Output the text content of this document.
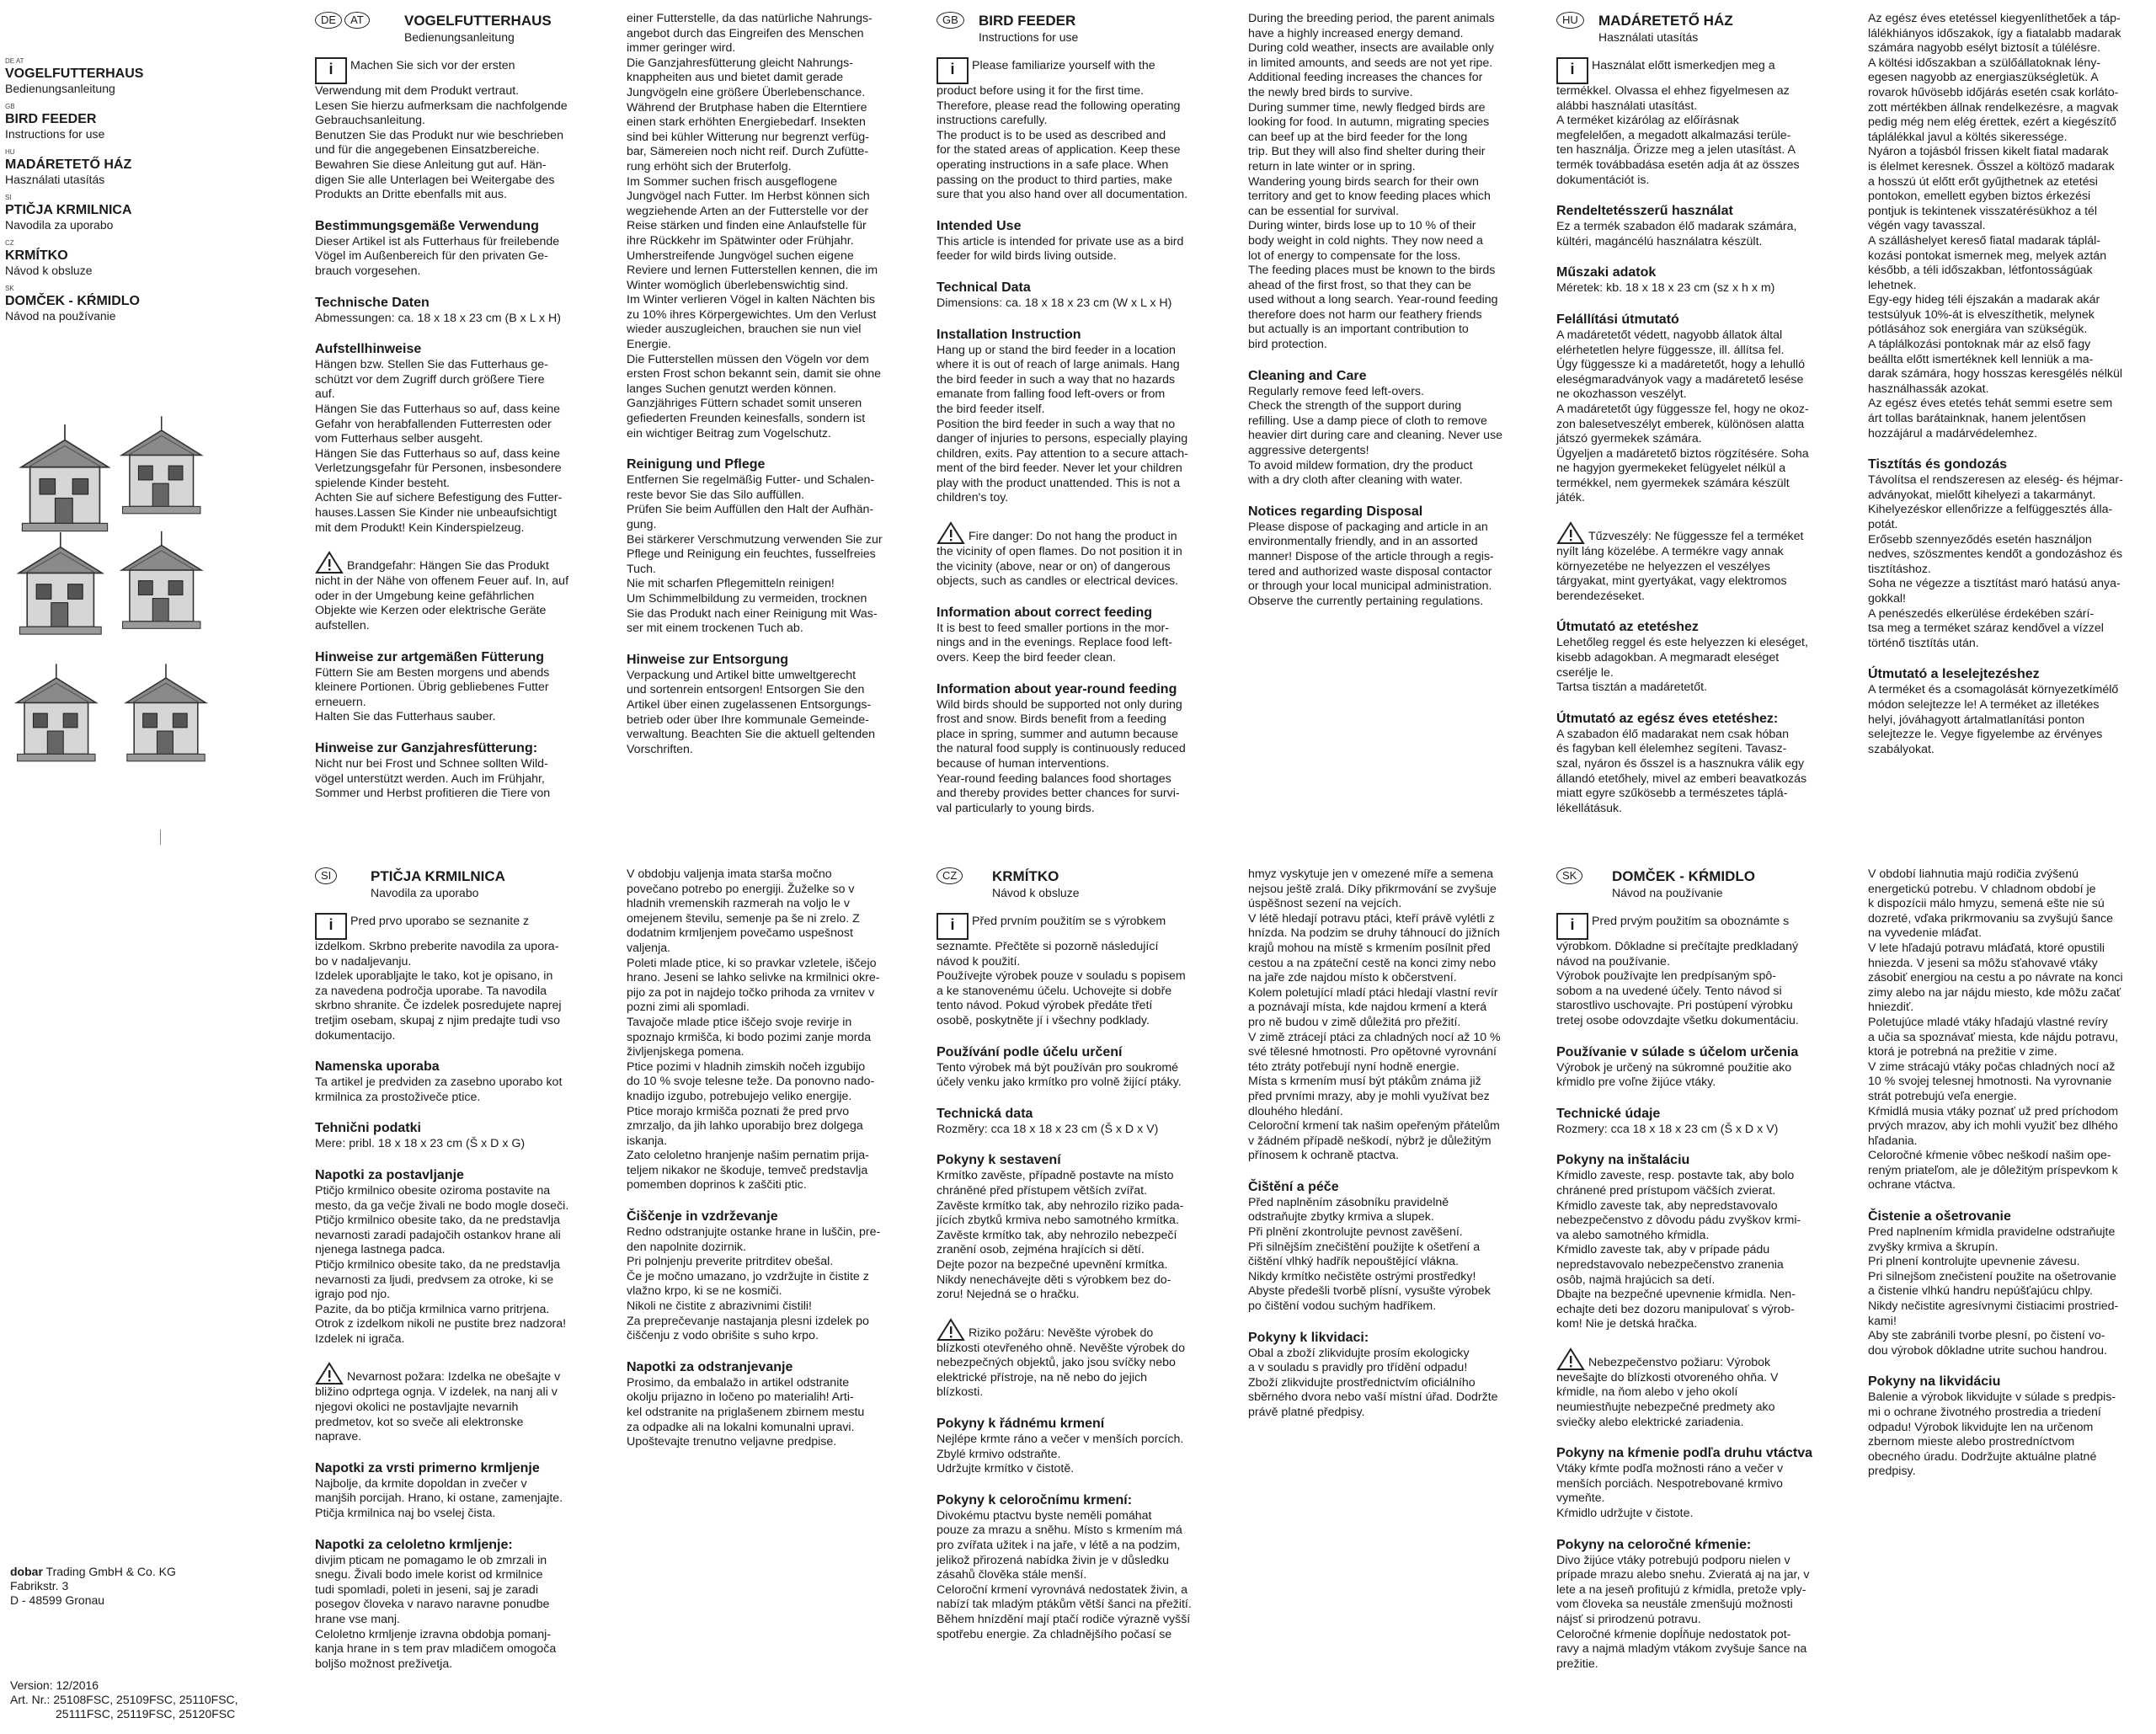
DE AT
VOGELFUTTERHAUS
Bedienungsanleitung
GB
BIRD FEEDER
Instructions for use
HU
MADÁRETETŐ HÁZ
Használati utasítás
SI
PTIČJA KRMILNICA
Navodila za uporabo
CZ
KRMÍTKO
Návod k obsluze
SK
DOMČEK - KŔMIDLO
Návod na používanie
dobar Trading GmbH & Co. KG
Fabrikstr. 3
D - 48599 Gronau
Version: 12/2016
Art. Nr.: 25108FSC, 25109FSC, 25110FSC,
25111FSC, 25119FSC, 25120FSC
DE AT	VOGELFUTTERHAUS
Bedienungsanleitung
i Machen Sie sich vor der ersten
Verwendung mit dem Produkt vertraut.
Lesen Sie hierzu aufmerksam die nachfolgende
Gebrauchsanleitung.
Benutzen Sie das Produkt nur wie beschrieben
und für die angegebenen Einsatzbereiche.
Bewahren Sie diese Anleitung gut auf. Hän-
digen Sie alle Unterlagen bei Weitergabe des
Produkts an Dritte ebenfalls mit aus.

Bestimmungsgemäße Verwendung

Dieser Artikel ist als Futterhaus für freilebende
Vögel im Außenbereich für den privaten Ge-
brauch vorgesehen.

Technische Daten

Abmessungen: ca. 18 x 18 x 23 cm (B x L x H)

Aufstellhinweise

Hängen bzw. Stellen Sie das Futterhaus ge-
schützt vor dem Zugriff durch größere Tiere
auf.
Hängen Sie das Futterhaus so auf, dass keine
Gefahr von herabfallenden Futterresten oder
vom Futterhaus selber ausgeht.
Hängen Sie das Futterhaus so auf, dass keine
Verletzungsgefahr für Personen, insbesondere
spielende Kinder besteht.
Achten Sie auf sichere Befestigung des Futter-
hauses.Lassen Sie Kinder nie unbeaufsichtigt
mit dem Produkt! Kein Kinderspielzeug.

Brandgefahr: Hängen Sie das Produkt
nicht in der Nähe von offenem Feuer auf. In, auf
oder in der Umgebung keine gefährlichen
Objekte wie Kerzen oder elektrische Geräte
aufstellen.

Hinweise zur artgemäßen Fütterung

Füttern Sie am Besten morgens und abends
kleinere Portionen. Übrig gebliebenes Futter
erneuern.
Halten Sie das Futterhaus sauber.

Hinweise zur Ganzjahresfütterung:

Nicht nur bei Frost und Schnee sollten Wild-
vögel unterstützt werden. Auch im Frühjahr,
Sommer und Herbst profitieren die Tiere von

einer Futterstelle, da das natürliche Nahrungs-
angebot durch das Eingreifen des Menschen
immer geringer wird.
Die Ganzjahresfütterung gleicht Nahrungs-
knappheiten aus und bietet damit gerade
Jungvögeln eine größere Überlebenschance.
Während der Brutphase haben die Elterntiere
einen stark erhöhten Energiebedarf. Insekten
sind bei kühler Witterung nur begrenzt verfüg-
bar, Sämereien noch nicht reif. Durch Zufütte-
rung erhöht sich der Bruterfolg.
Im Sommer suchen frisch ausgeflogene
Jungvögel nach Futter. Im Herbst können sich
wegziehende Arten an der Futterstelle vor der
Reise stärken und finden eine Anlaufstelle für
ihre Rückkehr im Spätwinter oder Frühjahr.
Umherstreifende Jungvögel suchen eigene
Reviere und lernen Futterstellen kennen, die im
Winter womöglich überlebenswichtig sind.
Im Winter verlieren Vögel in kalten Nächten bis
zu 10% ihres Körpergewichtes. Um den Verlust
wieder auszugleichen, brauchen sie nun viel
Energie.
Die Futterstellen müssen den Vögeln vor dem
ersten Frost schon bekannt sein, damit sie ohne
langes Suchen genutzt werden können.
Ganzjähriges Füttern schadet somit unseren
gefiederten Freunden keinesfalls, sondern ist
ein wichtiger Beitrag zum Vogelschutz.

Reinigung und Pflege

Entfernen Sie regelmäßig Futter- und Schalen-
reste bevor Sie das Silo auffüllen.
Prüfen Sie beim Auffüllen den Halt der Aufhän-
gung.
Bei stärkerer Verschmutzung verwenden Sie zur
Pflege und Reinigung ein feuchtes, fusselfreies
Tuch.
Nie mit scharfen Pflegemitteln reinigen!
Um Schimmelbildung zu vermeiden, trocknen
Sie das Produkt nach einer Reinigung mit Was-
ser mit einem trockenen Tuch ab.

Hinweise zur Entsorgung

Verpackung und Artikel bitte umweltgerecht
und sortenrein entsorgen! Entsorgen Sie den
Artikel über einen zugelassenen Entsorgungs-
betrieb oder über Ihre kommunale Gemeinde-
verwaltung. Beachten Sie die aktuell geltenden
Vorschriften.

GB BIRD FEEDER
Instructions for use
i Please familiarize yourself with the
product before using it for the first time.
Therefore, please read the following operating
instructions carefully.
The product is to be used as described and
for the stated areas of application. Keep these
operating instructions in a safe place. When
passing on the product to third parties, make
sure that you also hand over all documentation.

Intended Use

This article is intended for private use as a bird
feeder for wild birds living outside.

Technical Data

Dimensions: ca. 18 x 18 x 23 cm (W x L x H)

Installation Instruction

Hang up or stand the bird feeder in a location
where it is out of reach of large animals. Hang
the bird feeder in such a way that no hazards
emanate from falling food left-overs or from
the bird feeder itself.
Position the bird feeder in such a way that no
danger of injuries to persons, especially playing
children, exits. Pay attention to a secure attach-
ment of the bird feeder. Never let your children
play with the product unattended. This is not a
children's toy.

Fire danger: Do not hang the product in
the vicinity of open flames. Do not position it in
the vicinity (above, near or on) of dangerous
objects, such as candles or electrical devices.

Information about correct feeding

It is best to feed smaller portions in the mor-
nings and in the evenings. Replace food left-
overs. Keep the bird feeder clean.

Information about year-round feeding

Wild birds should be supported not only during
frost and snow. Birds benefit from a feeding
place in spring, summer and autumn because
the natural food supply is continuously reduced
because of human interventions.
Year-round feeding balances food shortages
and thereby provides better chances for survi-
val particularly to young birds.

During the breeding period, the parent animals
have a highly increased energy demand.
During cold weather, insects are available only
in limited amounts, and seeds are not yet ripe.
Additional feeding increases the chances for
the newly bred birds to survive.
During summer time, newly fledged birds are
looking for food. In autumn, migrating species
can beef up at the bird feeder for the long
trip. But they will also find shelter during their
return in late winter or in spring.
Wandering young birds search for their own
territory and get to know feeding places which
can be essential for survival.
During winter, birds lose up to 10 % of their
body weight in cold nights. They now need a
lot of energy to compensate for the loss.
The feeding places must be known to the birds
ahead of the first frost, so that they can be
used without a long search. Year-round feeding
therefore does not harm our feathery friends
but actually is an important contribution to
bird protection.

Cleaning and Care

Regularly remove feed left-overs.
Check the strength of the support during
refilling. Use a damp piece of cloth to remove
heavier dirt during care and cleaning. Never use
aggressive detergents!
To avoid mildew formation, dry the product
with a dry cloth after cleaning with water.

Notices regarding Disposal

Please dispose of packaging and article in an
environmentally friendly, and in an assorted
manner! Dispose of the article through a regis-
tered and authorized waste disposal contactor
or through your local municipal administration.
Observe the currently pertaining regulations.

HU MADÁRETETŐ HÁZ
Használati utasítás
i Használat előtt ismerkedjen meg a
termékkel. Olvassa el ehhez figyelmesen az
alábbi használati utasítást.
A terméket kizárólag az előírásnak
megfelelően, a megadott alkalmazási terüle-
ten használja. Őrizze meg a jelen utasítást. A
termék továbbadása esetén adja át az összes
dokumentációt is.

Rendeltetésszerű használat

Ez a termék szabadon élő madarak számára,
kültéri, magáncélú használatra készült.

Műszaki adatok

Méretek: kb. 18 x 18 x 23 cm (sz x h x m)

Felállítási útmutató

A madáretetőt védett, nagyobb állatok által
elérhetetlen helyre függessze, ill. állítsa fel.
Úgy függessze ki a madáretetőt, hogy a lehulló
eleségmaradványok vagy a madáretető lesése
ne okozhasson veszélyt.
A madáretetőt úgy függessze fel, hogy ne okoz-
zon balesetveszélyt emberek, különösen alatta
játszó gyermekek számára.
Ügyeljen a madáretető biztos rögzítésére. Soha
ne hagyjon gyermekeket felügyelet nélkül a
termékkel, nem gyermekek számára készült
játék.

Tűzveszély: Ne függessze fel a terméket
nyílt láng közelébe. A termékre vagy annak
környezetébe ne helyezzen el veszélyes
tárgyakat, mint gyertyákat, vagy elektromos
berendezéseket.

Útmutató az etetéshez

Lehetőleg reggel és este helyezzen ki eleséget,
kisebb adagokban. A megmaradt eleséget
cserélje le.
Tartsa tisztán a madáretetőt.

Útmutató az egész éves etetéshez:

A szabadon élő madarakat nem csak hóban
és fagyban kell élelemhez segíteni. Tavasz-
szal, nyáron és ősszel is a hasznukra válik egy
állandó etetőhely, mivel az emberi beavatkozás
miatt egyre szűkösebb a természetes táplá-
lékellátásuk.

Az egész éves etetéssel kiegyenlíthetőek a táp-
lálékhiányos időszakok, így a fiatalabb madarak
számára nagyobb esélyt biztosít a túlélésre.
A költési időszakban a szülőállatoknak lény-
egesen nagyobb az energiaszükségletük. A
rovarok hűvösebb időjárás esetén csak korláto-
zott mértékben állnak rendelkezésre, a magvak
pedig még nem elég érettek, ezért a kiegészítő
táplálékkal javul a költés sikeressége.
Nyáron a tojásból frissen kikelt fiatal madarak
is élelmet keresnek. Ősszel a költöző madarak
a hosszú út előtt erőt gyűjthetnek az etetési
pontokon, emellett egyben biztos érkezési
pontjuk is tekintenek visszatérésükhoz a tél
végén vagy tavasszal.
A szálláshelyet kereső fiatal madarak táplál-
kozási pontokat ismernek meg, melyek aztán
később, a téli időszakban, létfontosságúak
lehetnek.
Egy-egy hideg téli éjszakán a madarak akár
testsúlyuk 10%-át is elveszíthetik, melynek
pótlásához sok energiára van szükségük.
A táplálkozási pontoknak már az első fagy
beállta előtt ismertéknek kell lenniük a ma-
darak számára, hogy hosszas keresgélés nélkül
használhassák azokat.
Az egész éves etetés tehát semmi esetre sem
árt tollas barátainknak, hanem jelentősen
hozzájárul a madárvédelemhez.

Tisztítás és gondozás

Távolítsa el rendszeresen az eleség- és héjmar-
adványokat, mielőtt kihelyezi a takarmányt.
Kihelyezéskor ellenőrizze a felfüggesztés álla-
potát.
Erősebb szennyeződés esetén használjon
nedves, szöszmentes kendőt a gondozáshoz és
tisztításhoz.
Soha ne végezze a tisztítást maró hatású anya-
gokkal!
A penészedés elkerülése érdekében szárí-
tsa meg a terméket száraz kendővel a vízzel
történő tisztítás után.

Útmutató a leselejtezéshez

A terméket és a csomagolását környezetkímélő
módon selejtezze le! A terméket az illetékes
helyi, jóváhagyott ártalmatlanítási ponton
selejtezze le. Vegye figyelembe az érvényes
szabályokat.

SI	PTIČJA KRMILNICA
Navodila za uporabo
i Pred prvo uporabo se seznanite z
izdelkom. Skrbno preberite navodila za upora-
bo v nadaljevanju.
Izdelek uporabljajte le tako, kot je opisano, in
za navedena področja uporabe. Ta navodila
skrbno shranite. Če izdelek posredujete naprej
tretjim osebam, skupaj z njim predajte tudi vso
dokumentacijo.

Namenska uporaba

Ta artikel je predviden za zasebno uporabo kot
krmilnica za prostoživeče ptice.

Tehnični podatki

Mere: pribl. 18 x 18 x 23 cm (Š x D x G)

Napotki za postavljanje

Ptičjo krmilnico obesite oziroma postavite na
mesto, da ga večje živali ne bodo mogle doseči.
Ptičjo krmilnico obesite tako, da ne predstavlja
nevarnosti zaradi padajočih ostankov hrane ali
njenega lastnega padca.
Ptičjo krmilnico obesite tako, da ne predstavlja
nevarnosti za ljudi, predvsem za otroke, ki se
igrajo pod njo.
Pazite, da bo ptičja krmilnica varno pritrjena.
Otrok z izdelkom nikoli ne pustite brez nadzora!
Izdelek ni igrača.

Nevarnost požara: Izdelka ne obešajte v
bližino odprtega ognja. V izdelek, na nanj ali v
njegovi okolici ne postavljajte nevarnih
predmetov, kot so sveče ali elektronske
naprave.

Napotki za vrsti primerno krmljenje

Najbolje, da krmite dopoldan in zvečer v
manjših porcijah. Hrano, ki ostane, zamenjajte.
Ptičja krmilnica naj bo vselej čista.

Napotki za celoletno krmljenje:

divjim pticam ne pomagamo le ob zmrzali in
snegu. Živali bodo imele korist od krmilnice
tudi spomladi, poleti in jeseni, saj je zaradi
posegov človeka v naravo naravne ponudbe
hrane vse manj.
Celoletno krmljenje izravna obdobja pomanj-
kanja hrane in s tem prav mladičem omogoča
boljšo možnost preživetja.

V obdobju valjenja imata starša močno
povečano potrebo po energiji. Žuželke so v
hladnih vremenskih razmerah na voljo le v
omejenem številu, semenje pa še ni zrelo. Z
dodatnim krmljenjem povečamo uspešnost
valjenja.
Poleti mlade ptice, ki so pravkar vzletele, iščejo
hrano. Jeseni se lahko selivke na krmilnici okre-
pijo za pot in najdejo točko prihoda za vrnitev v
pozni zimi ali spomladi.
Tavajoče mlade ptice iščejo svoje revirje in
spoznajo krmišča, ki bodo pozimi zanje morda
življenjskega pomena.
Ptice pozimi v hladnih zimskih nočeh izgubijo
do 10 % svoje telesne teže. Da ponovno nado-
knadijo izgubo, potrebujejo veliko energije.
Ptice morajo krmišča poznati že pred prvo
zmrzaljo, da jih lahko uporabijo brez dolgega
iskanja.
Zato celoletno hranjenje našim pernatim prija-
teljem nikakor ne škoduje, temveč predstavlja
pomemben doprinos k zaščiti ptic.

Čiščenje in vzdrževanje

Redno odstranjujte ostanke hrane in luščin, pre-
den napolnite dozirnik.
Pri polnjenju preverite pritrditev obešal.
Če je močno umazano, jo vzdržujte in čistite z
vlažno krpo, ki se ne kosmiči.
Nikoli ne čistite z abrazivnimi čistili!
Za preprečevanje nastajanja plesni izdelek po
čiščenju z vodo obrišite s suho krpo.

Napotki za odstranjevanje

Prosimo, da embalažo in artikel odstranite
okolju prijazno in ločeno po materialih! Arti-
kel odstranite na priglašenem zbirnem mestu
za odpadke ali na lokalni komunalni upravi.
Upoštevajte trenutno veljavne predpise.

CZ KRMÍTKO
Návod k obsluze
i Před prvním použitím se s výrobkem
seznamte. Přečtěte si pozorně následující
návod k použití.
Používejte výrobek pouze v souladu s popisem
a ke stanovenému účelu. Uchovejte si dobře
tento návod. Pokud výrobek předáte třetí
osobě, poskytněte jí i všechny podklady.

Používání podle účelu určení

Tento výrobek má být používán pro soukromé
účely venku jako krmítko pro volně žijící ptáky.

Technická data

Rozměry: cca 18 x 18 x 23 cm (Š x D x V)

Pokyny k sestavení

Krmítko zavěste, případně postavte na místo
chráněné před přístupem větších zvířat.
Zavěste krmítko tak, aby nehrozilo riziko pada-
jících zbytků krmiva nebo samotného krmítka.
Zavěste krmítko tak, aby nehrozilo nebezpečí
zranění osob, zejména hrajících si dětí.
Dejte pozor na bezpečné upevnění krmítka.
Nikdy nenechávejte děti s výrobkem bez do-
zoru! Nejedná se o hračku.

Riziko požáru: Nevěšte výrobek do
blízkosti otevřeného ohně. Nevěšte výrobek do
nebezpečných objektů, jako jsou svíčky nebo
elektrické přístroje, na ně nebo do jejich
blízkosti.

Pokyny k řádnému krmení

Nejlépe krmte ráno a večer v menších porcích.
Zbylé krmivo odstraňte.
Udržujte krmítko v čistotě.

Pokyny k celoročnímu krmení:

Divokému ptactvu byste neměli pomáhat
pouze za mrazu a sněhu. Místo s krmením má
pro zvířata užitek i na jaře, v létě a na podzim,
jelikož přirozená nabídka živin je v důsledku
zásahů člověka stále menší.
Celoroční krmení vyrovnává nedostatek živin, a
nabízí tak mladým ptákům větší šanci na přežití.
Během hnízdění mají ptačí rodiče výrazně vyšší
spotřebu energie. Za chladnějšího počasí se

hmyz vyskytuje jen v omezené míře a semena
nejsou ještě zralá. Díky přikrmování se zvyšuje
úspěšnost sezení na vejcích.
V létě hledají potravu ptáci, kteří právě vylétli z
hnízda. Na podzim se druhy táhnoucí do jižních
krajů mohou na místě s krmením posílnit před
cestou a na zpáteční cestě na konci zimy nebo
na jaře zde najdou místo k občerstvení.
Kolem poletující mladí ptáci hledají vlastní revír
a poznávají místa, kde najdou krmení a která
pro ně budou v zimě důležitá pro přežití.
V zimě ztrácejí ptáci za chladných nocí až 10 %
své tělesné hmotnosti. Pro opětovné vyrovnání
této ztráty potřebují nyní hodně energie.
Místa s krmením musí být ptákům známa již
před prvními mrazy, aby je mohli využívat bez
dlouhého hledání.
Celoroční krmení tak našim opeřeným přátelům
v žádném případě neškodí, nýbrž je důležitým
přínosem k ochraně ptactva.

Čištění a péče

Před naplněním zásobníku pravidelně
odstraňujte zbytky krmiva a slupek.
Při plnění zkontrolujte pevnost zavěšení.
Při silnějším znečištění použijte k ošetření a
čištění vlhký hadřík nepouštějící vlákna.
Nikdy krmítko nečistěte ostrými prostředky!
Abyste předešli tvorbě plísní, vysušte výrobek
po čištění vodou suchým hadříkem.

Pokyny k likvidaci:

Obal a zboží zlikvidujte prosím ekologicky
a v souladu s pravidly pro třídění odpadu!
Zboží zlikvidujte prostřednictvím oficiálního
sběrného dvora nebo vaší místní úřad. Dodržte
právě platné předpisy.

SK DOMČEK - KŔMIDLO
Návod na používanie
i Pred prvým použitím sa oboznámte s
výrobkom. Dôkladne si prečítajte predkladaný
návod na používanie.
Výrobok používajte len predpísaným spô-
sobom a na uvedené účely. Tento návod si
starostlivo uschovajte. Pri postúpení výrobku
tretej osobe odovzdajte všetku dokumentáciu.

Používanie v súlade s účelom určenia

Výrobok je určený na súkromné použitie ako
kŕmidlo pre voľne žijúce vtáky.

Technické údaje

Rozmery: cca 18 x 18 x 23 cm (Š x D x V)

Pokyny na inštaláciu

Kŕmidlo zaveste, resp. postavte tak, aby bolo
chránené pred prístupom väčších zvierat.
Kŕmidlo zaveste tak, aby nepredstavovalo
nebezpečenstvo z dôvodu pádu zvyškov krmi-
va alebo samotného kŕmidla.
Kŕmidlo zaveste tak, aby v prípade pádu
nepredstavovalo nebezpečenstvo zranenia
osôb, najmä hrajúcich sa detí.
Dbajte na bezpečné upevnenie kŕmidla. Nen-
echajte deti bez dozoru manipulovať s výrob-
kom! Nie je detská hračka.

Nebezpečenstvo požiaru: Výrobok
nevešajte do blízkosti otvoreného ohňa. V
kŕmidle, na ňom alebo v jeho okolí
neumiestňujte nebezpečné predmety ako
sviečky alebo elektrické zariadenia.

Pokyny na kŕmenie podľa druhu vtáctva

Vtáky kŕmte podľa možnosti ráno a večer v
menších porciách. Nespotrebované krmivo
vymeňte.
Kŕmidlo udržujte v čistote.

Pokyny na celoročné kŕmenie:

Divo žijúce vtáky potrebujú podporu nielen v
prípade mrazu alebo snehu. Zvieratá aj na jar, v
lete a na jeseň profitujú z kŕmidla, pretože vply-
vom človeka sa neustále zmenšujú možnosti
nájsť si prirodzenú potravu.
Celoročné kŕmenie dopĺňuje nedostatok pot-
ravy a najmä mladým vtákom zvyšuje šance na
prežitie.

V období liahnutia majú rodičia zvýšenú
energetickú potrebu. V chladnom období je
k dispozícii málo hmyzu, semená ešte nie sú
dozreté, vďaka prikrmovaniu sa zvyšujú šance
na vyvedenie mláďat.
V lete hľadajú potravu mláďatá, ktoré opustili
hniezda. V jeseni sa môžu sťahovavé vtáky
zásobiť energiou na cestu a po návrate na konci
zimy alebo na jar nájdu miesto, kde môžu začať
hniezdiť.
Poletujúce mladé vtáky hľadajú vlastné revíry
a učia sa spoznávať miesta, kde nájdu potravu,
ktorá je potrebná na prežitie v zime.
V zime strácajú vtáky počas chladných nocí až
10 % svojej telesnej hmotnosti. Na vyrovnanie
strát potrebujú veľa energie.
Kŕmidlá musia vtáky poznať už pred príchodom
prvých mrazov, aby ich mohli využiť bez dlhého
hľadania.
Celoročné kŕmenie vôbec neškodí našim ope-
reným priateľom, ale je dôležitým príspevkom k
ochrane vtáctva.

Čistenie a ošetrovanie

Pred naplnením kŕmidla pravidelne odstraňujte
zvyšky krmiva a škrupín.
Pri plnení kontrolujte upevnenie závesu.
Pri silnejšom znečistení použite na ošetrovanie
a čistenie vlhkú handru nepúšťajúcu chlpy.
Nikdy nečistite agresívnymi čistiacimi prostried-
kami!
Aby ste zabránili tvorbe plesní, po čistení vo-
dou výrobok dôkladne utrite suchou handrou.

Pokyny na likvidáciu

Balenie a výrobok likvidujte v súlade s predpis-
mi o ochrane životného prostredia a triedení
odpadu! Výrobok likvidujte len na určenom
zbernom mieste alebo prostredníctvom
obecného úradu. Dodržujte aktuálne platné
predpisy.
